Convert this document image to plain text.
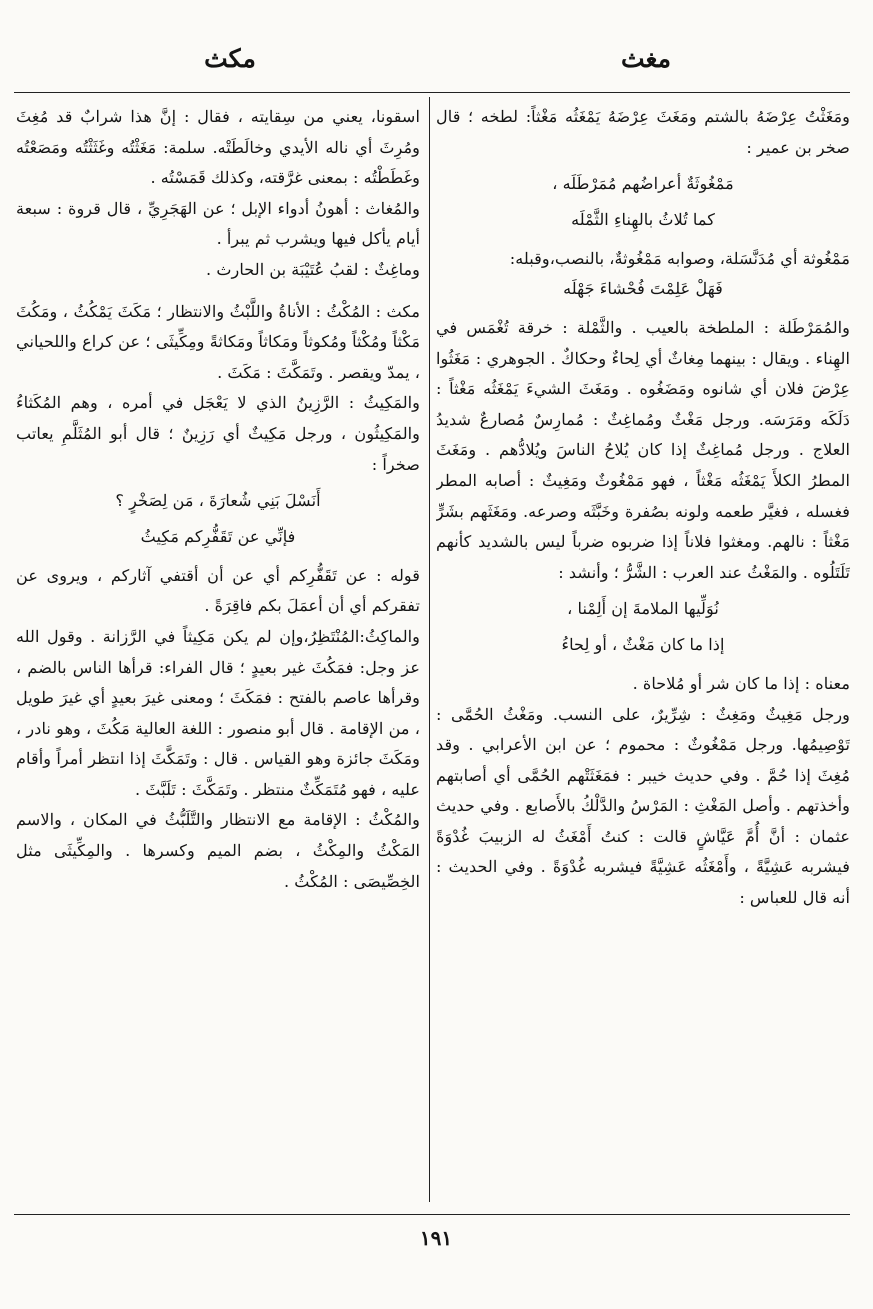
مغث
مكث

ومَغَثْتُ عِرْضَهُ بالشتم ومَغَثَ عِرْضَهُ يَمْغَثُه مَغْثاً: لطخه ؛ قال صخر بن عمير :

مَمْغُوثَةٌ أعراضُهم مُمَرْطَلَه ،

كما تُلاثُ بالهِناءِ الثَّمْلَه

مَمْغُوثة أي مُدَنَّسَلة، وصوابه مَمْغُوثةٌ، بالنصب،وقبله:

فَهَلْ عَلِمْتَ فُحْشاءَ جَهْلَه

والمُمَرْطَلة : الملطخة بالعيب . والثَّمْلة : خرقة تُغْمَس في الهِناء . ويقال : بينهما مِغاثٌ أي لِحاءٌ وحكاكٌ . الجوهري : مَغَثُوا عِرْضَ فلان أي شانوه ومَضَغُوه . ومَغَثَ الشيءَ يَمْغَثُه مَغْثاً : دَلَكَه ومَرَسَه. ورجل مَغْثٌ ومُماغِثٌ : مُمارِسٌ مُصارعٌ شديدُ العلاج . ورجل مُماغِثٌ إذا كان يُلاحُ الناسَ ويُلادُّهم . ومَغَثَ المطرُ الكلأَ يَمْغَثُه مَغْثاً ، فهو مَمْغُوثٌ ومَغِيثٌ : أصابه المطر فغسله ، فغيَّر طعمه ولونه بصُفرة وخَبَّثَه وصرعه. ومَغَثَهم بشَرٍّ مَغْثاً : نالهم. ومغثوا فلاناً إذا ضربوه ضرباً ليس بالشديد كأنهم تَلَتَلُوه . والمَغْثُ عند العرب : الشَّرُّ ؛ وأنشد :

نُوَلِّيها الملامةَ إن أَلِمْنا ،

إذا ما كان مَغْثٌ ، أو لِحاءُ

معناه : إذا ما كان شر أو مُلاحاة .

ورجل مَغِيثٌ ومَغِثٌ : شِرِّيرٌ، على النسب. ومَغْثُ الحُمَّى : تَوْصِيمُها. ورجل مَمْغُوثٌ : محموم ؛ عن ابن الأعرابي . وقد مُغِثَ إذا حُمَّ . وفي حديث خيبر : فمَغَثَتْهم الحُمَّى أي أصابتهم وأخذتهم . وأصل المَغْثِ : المَرْسُ والدَّلْكُ بالأَصابع . وفي حديث عثمان : أنَّ أُمَّ عَيَّاشٍ قالت : كنتُ أَمْغَثُ له الزبيبَ غُدْوَةً فيشربه عَشِيَّةً ، وأَمْغَثُه عَشِيَّةً فيشربه غُدْوَةً . وفي الحديث : أنه قال للعباس :

اسقونا، يعني من سِقايته ، فقال : إنَّ هذا شرابٌ قد مُغِثَ ومُرِثَ أي ناله الأيدي وخالَطَتْه. سلمة: مَغَثْتُه وغَثَثْتُه ومَصَعْتُه وغَطَطْتُه : بمعنى غرَّقته، وكذلك قَمَسْتُه .

والمُغاث : أهونُ أدواء الإبل ؛ عن الهَجَرِيِّ ، قال قروة : سبعة أيام يأكل فيها ويشرب ثم يبرأ .

وماغِثٌ : لقبُ عُتَيْبَة بن الحارث .

مكث : المُكْثُ : الأناةُ واللَّبْثُ والانتظار ؛ مَكَثَ يَمْكُثُ ، ومَكُثَ مَكْثاً ومُكْثاً ومُكوثاً ومَكاثاً ومَكاثةً ومِكِّيثَى ؛ عن كراع واللحياني ، يمدّ ويقصر . وتَمَكَّثَ : مَكَثَ .

والمَكِيثُ : الرَّزِينُ الذي لا يَعْجَل في أمره ، وهم المُكَثاءُ والمَكِيثُون ، ورجل مَكِيثٌ أي رَزِينٌ ؛ قال أبو المُثَلَّمِ يعاتب صخراً :

أَنَسْلَ بَنِي شُعارَةَ ، مَن لِصَخْرٍ ؟

فإنِّي عن تَقَفُّرِكم مَكِيثُ

قوله : عن تَقَفُّرِكم أي عن أن أقتفي آثاركم ، ويروى عن تفقركم أي أن أعمَلَ بكم فاقِرَةً .

والماكِثُ:المُنْتَظِرُ،وإن لم يكن مَكِيثاً في الرَّزانة . وقول الله عز وجل: فمَكُثَ غير بعيدٍ ؛ قال الفراء: قرأها الناس بالضم ، وقرأها عاصم بالفتح : فمَكَثَ ؛ ومعنى غيرَ بعيدٍ أي غيرَ طويل ، من الإقامة . قال أبو منصور : اللغة العالية مَكُثَ ، وهو نادر ، ومَكَثَ جائزة وهو القياس . قال : وتَمَكَّثَ إذا انتظر أمراً وأقام عليه ، فهو مُتَمَكِّثٌ منتظر . وتَمَكَّثَ : تَلَبَّثَ .

والمُكْثُ : الإقامة مع الانتظار والتَّلَبُّثُ في المكان ، والاسم المَكْثُ والمِكْثُ ، بضم الميم وكسرها . والمِكِّيثَى مثل الخِصِّيصَى : المُكْثُ .

١٩١
